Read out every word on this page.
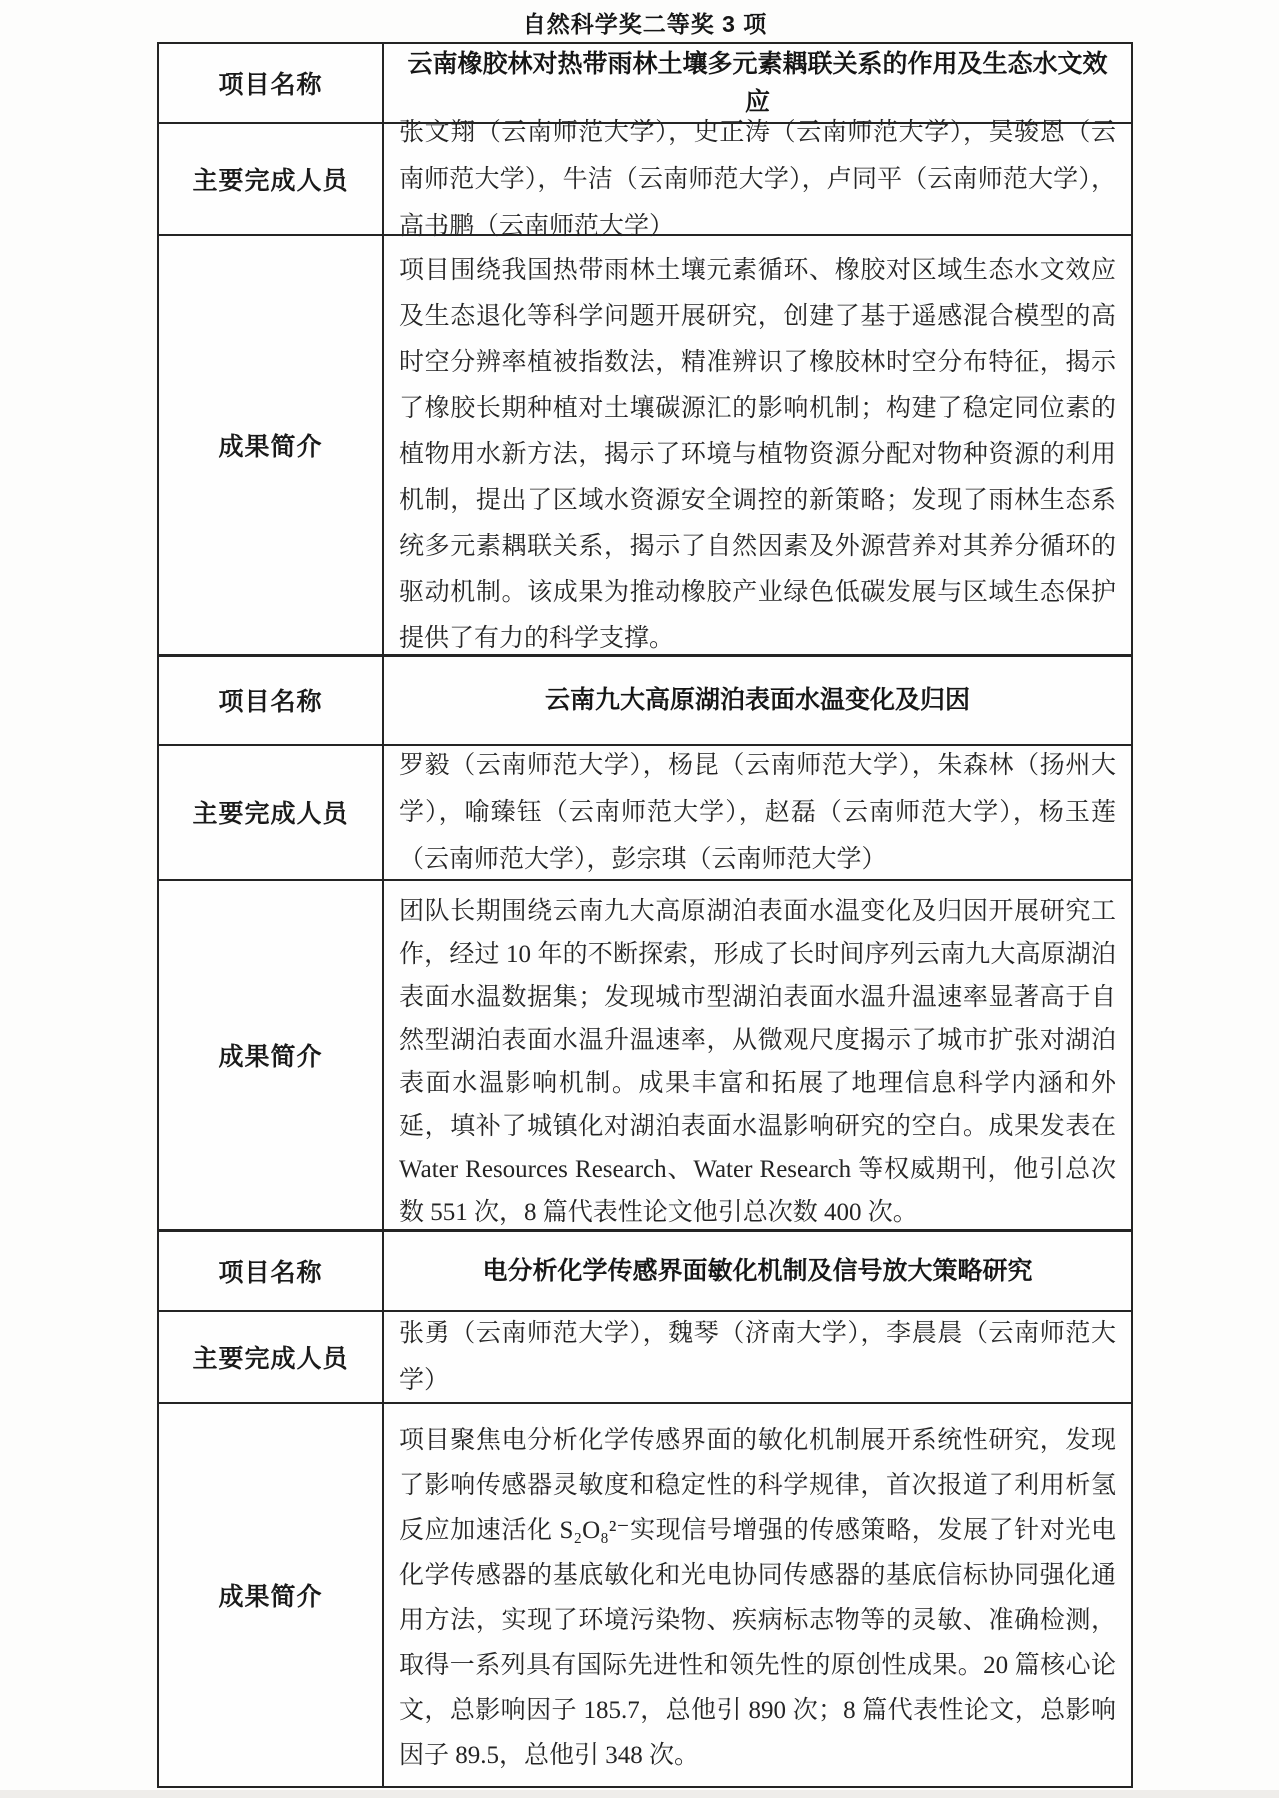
自然科学奖二等奖 3 项
项目名称
云南橡胶林对热带雨林土壤多元素耦联关系的作用及生态水文效应
主要完成人员
张文翔（云南师范大学），史正涛（云南师范大学），吴骏恩（云南师范大学），牛洁（云南师范大学），卢同平（云南师范大学），高书鹏（云南师范大学）
成果简介
项目围绕我国热带雨林土壤元素循环、橡胶对区域生态水文效应及生态退化等科学问题开展研究，创建了基于遥感混合模型的高时空分辨率植被指数法，精准辨识了橡胶林时空分布特征，揭示了橡胶长期种植对土壤碳源汇的影响机制；构建了稳定同位素的植物用水新方法，揭示了环境与植物资源分配对物种资源的利用机制，提出了区域水资源安全调控的新策略；发现了雨林生态系统多元素耦联关系，揭示了自然因素及外源营养对其养分循环的驱动机制。该成果为推动橡胶产业绿色低碳发展与区域生态保护提供了有力的科学支撑。
项目名称	云南九大高原湖泊表面水温变化及归因
主要完成人员
罗毅（云南师范大学），杨昆（云南师范大学），朱森林（扬州大学），喻臻钰（云南师范大学），赵磊（云南师范大学），杨玉莲（云南师范大学），彭宗琪（云南师范大学）
成果简介
团队长期围绕云南九大高原湖泊表面水温变化及归因开展研究工作，经过 10 年的不断探索，形成了长时间序列云南九大高原湖泊表面水温数据集；发现城市型湖泊表面水温升温速率显著高于自然型湖泊表面水温升温速率，从微观尺度揭示了城市扩张对湖泊表面水温影响机制。成果丰富和拓展了地理信息科学内涵和外延，填补了城镇化对湖泊表面水温影响研究的空白。成果发表在 Water Resources Research、Water Research 等权威期刊，他引总次数 551 次，8 篇代表性论文他引总次数 400 次。
项目名称	电分析化学传感界面敏化机制及信号放大策略研究
主要完成人员
张勇（云南师范大学），魏琴（济南大学），李晨晨（云南师范大学）
成果简介
项目聚焦电分析化学传感界面的敏化机制展开系统性研究，发现了影响传感器灵敏度和稳定性的科学规律，首次报道了利用析氢反应加速活化 S₂O₈²⁻实现信号增强的传感策略，发展了针对光电化学传感器的基底敏化和光电协同传感器的基底信标协同强化通用方法，实现了环境污染物、疾病标志物等的灵敏、准确检测，取得一系列具有国际先进性和领先性的原创性成果。20 篇核心论文，总影响因子 185.7，总他引 890 次；8 篇代表性论文，总影响因子 89.5，总他引 348 次。
